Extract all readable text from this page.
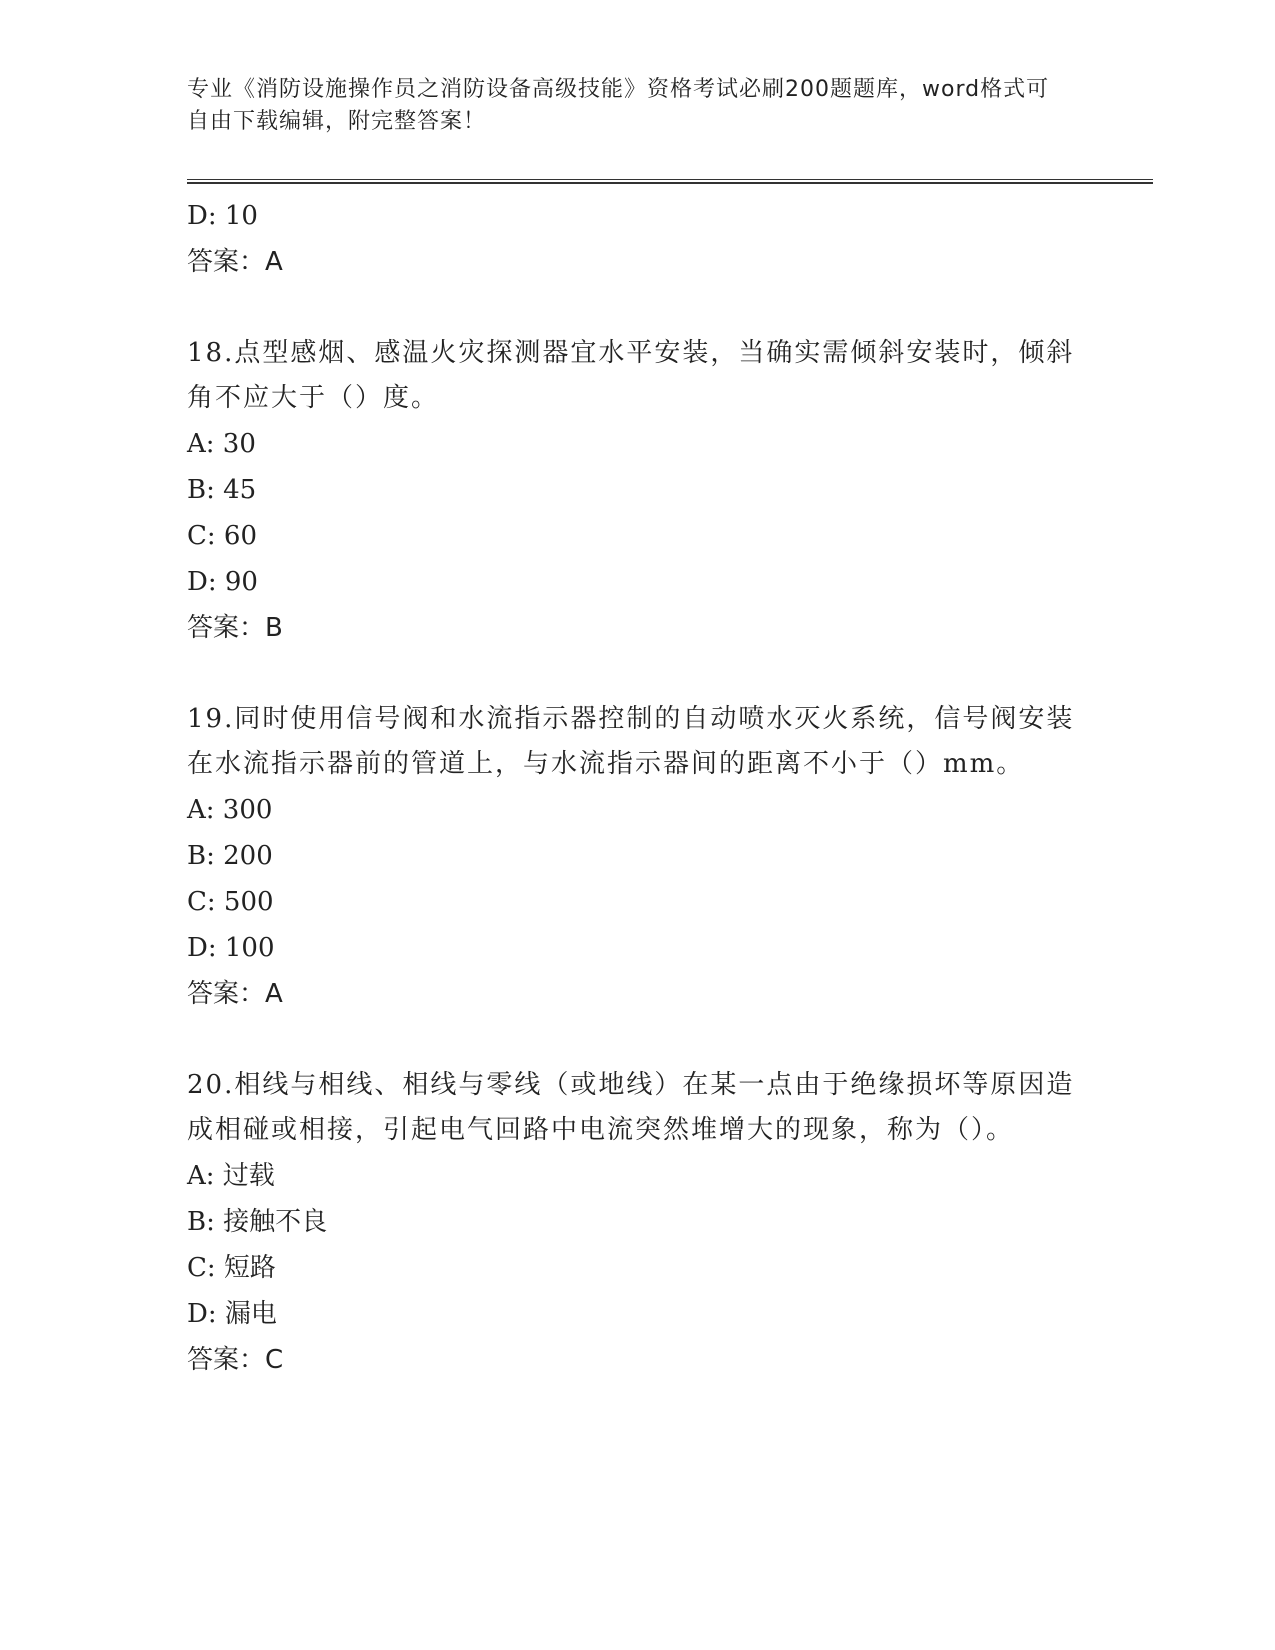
专业《消防设施操作员之消防设备高级技能》资格考试必刷200题题库，word格式可自由下载编辑，附完整答案！
D: 10
答案：A
18.点型感烟、感温火灾探测器宜水平安装，当确实需倾斜安装时，倾斜角不应大于（）度。
A: 30
B: 45
C: 60
D: 90
答案：B
19.同时使用信号阀和水流指示器控制的自动喷水灭火系统，信号阀安装在水流指示器前的管道上，与水流指示器间的距离不小于（）mm。
A: 300
B: 200
C: 500
D: 100
答案：A
20.相线与相线、相线与零线（或地线）在某一点由于绝缘损坏等原因造成相碰或相接，引起电气回路中电流突然堆增大的现象，称为（）。
A: 过载
B: 接触不良
C: 短路
D: 漏电
答案：C
